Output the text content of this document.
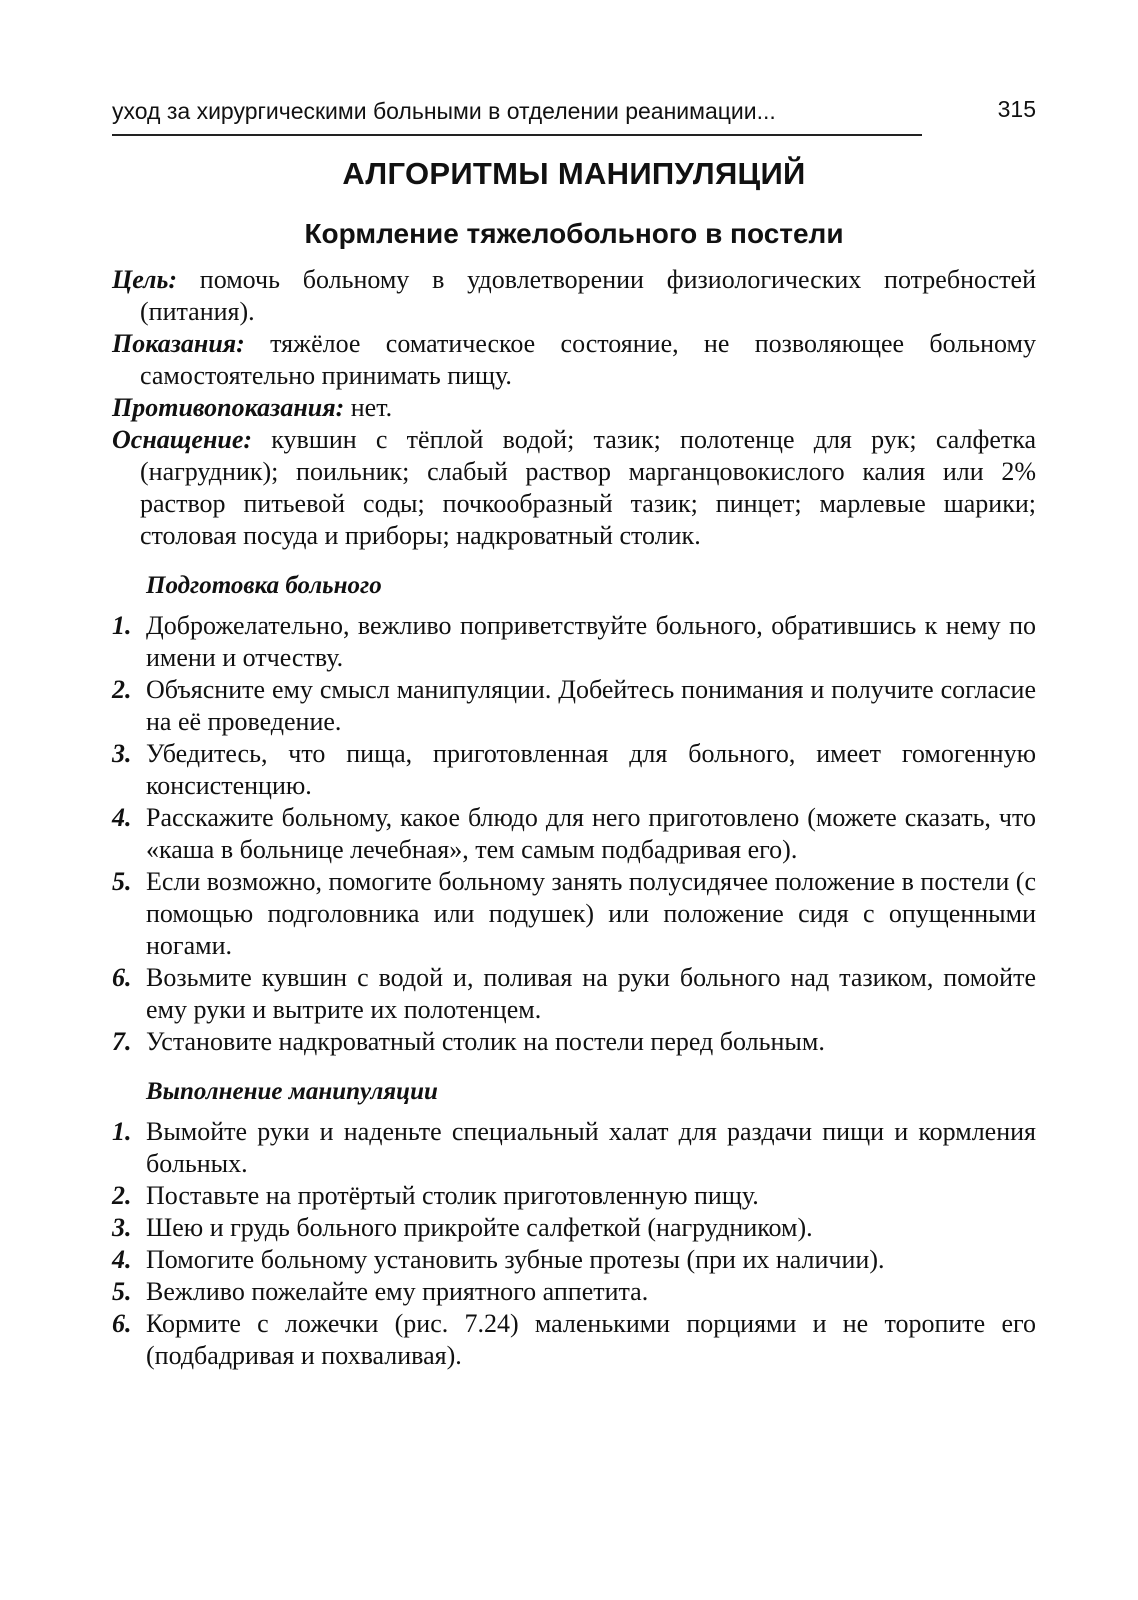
уход за хирургическими больными в отделении реанимации...	315
АЛГОРИТМЫ МАНИПУЛЯЦИЙ
Кормление тяжелобольного в постели

Цель: помочь больному в удовлетворении физиологических потребностей (питания).

Показания: тяжёлое соматическое состояние, не позволяющее больному самостоятельно принимать пищу.

Противопоказания: нет.

Оснащение: кувшин с тёплой водой; тазик; полотенце для рук; салфетка (нагрудник); поильник; слабый раствор марганцовокислого калия или 2% раствор питьевой соды; почкообразный тазик; пинцет; марлевые шарики; столовая посуда и приборы; надкроватный столик.

Подготовка больного
1. Доброжелательно, вежливо поприветствуйте больного, обратившись к нему по имени и отчеству.
2. Объясните ему смысл манипуляции. Добейтесь понимания и получите согласие на её проведение.
3. Убедитесь, что пища, приготовленная для больного, имеет гомогенную консистенцию.
4. Расскажите больному, какое блюдо для него приготовлено (можете сказать, что «каша в больнице лечебная», тем самым подбадривая его).
5. Если возможно, помогите больному занять полусидячее положение в постели (с помощью подголовника или подушек) или положение сидя с опущенными ногами.
6. Возьмите кувшин с водой и, поливая на руки больного над тазиком, помойте ему руки и вытрите их полотенцем.
7. Установите надкроватный столик на постели перед больным.
Выполнение манипуляции
1. Вымойте руки и наденьте специальный халат для раздачи пищи и кормления больных.
2. Поставьте на протёртый столик приготовленную пищу.
3. Шею и грудь больного прикройте салфеткой (нагрудником).
4. Помогите больному установить зубные протезы (при их наличии).
5. Вежливо пожелайте ему приятного аппетита.
6. Кормите с ложечки (рис. 7.24) маленькими порциями и не торопите его (подбадривая и похваливая).
